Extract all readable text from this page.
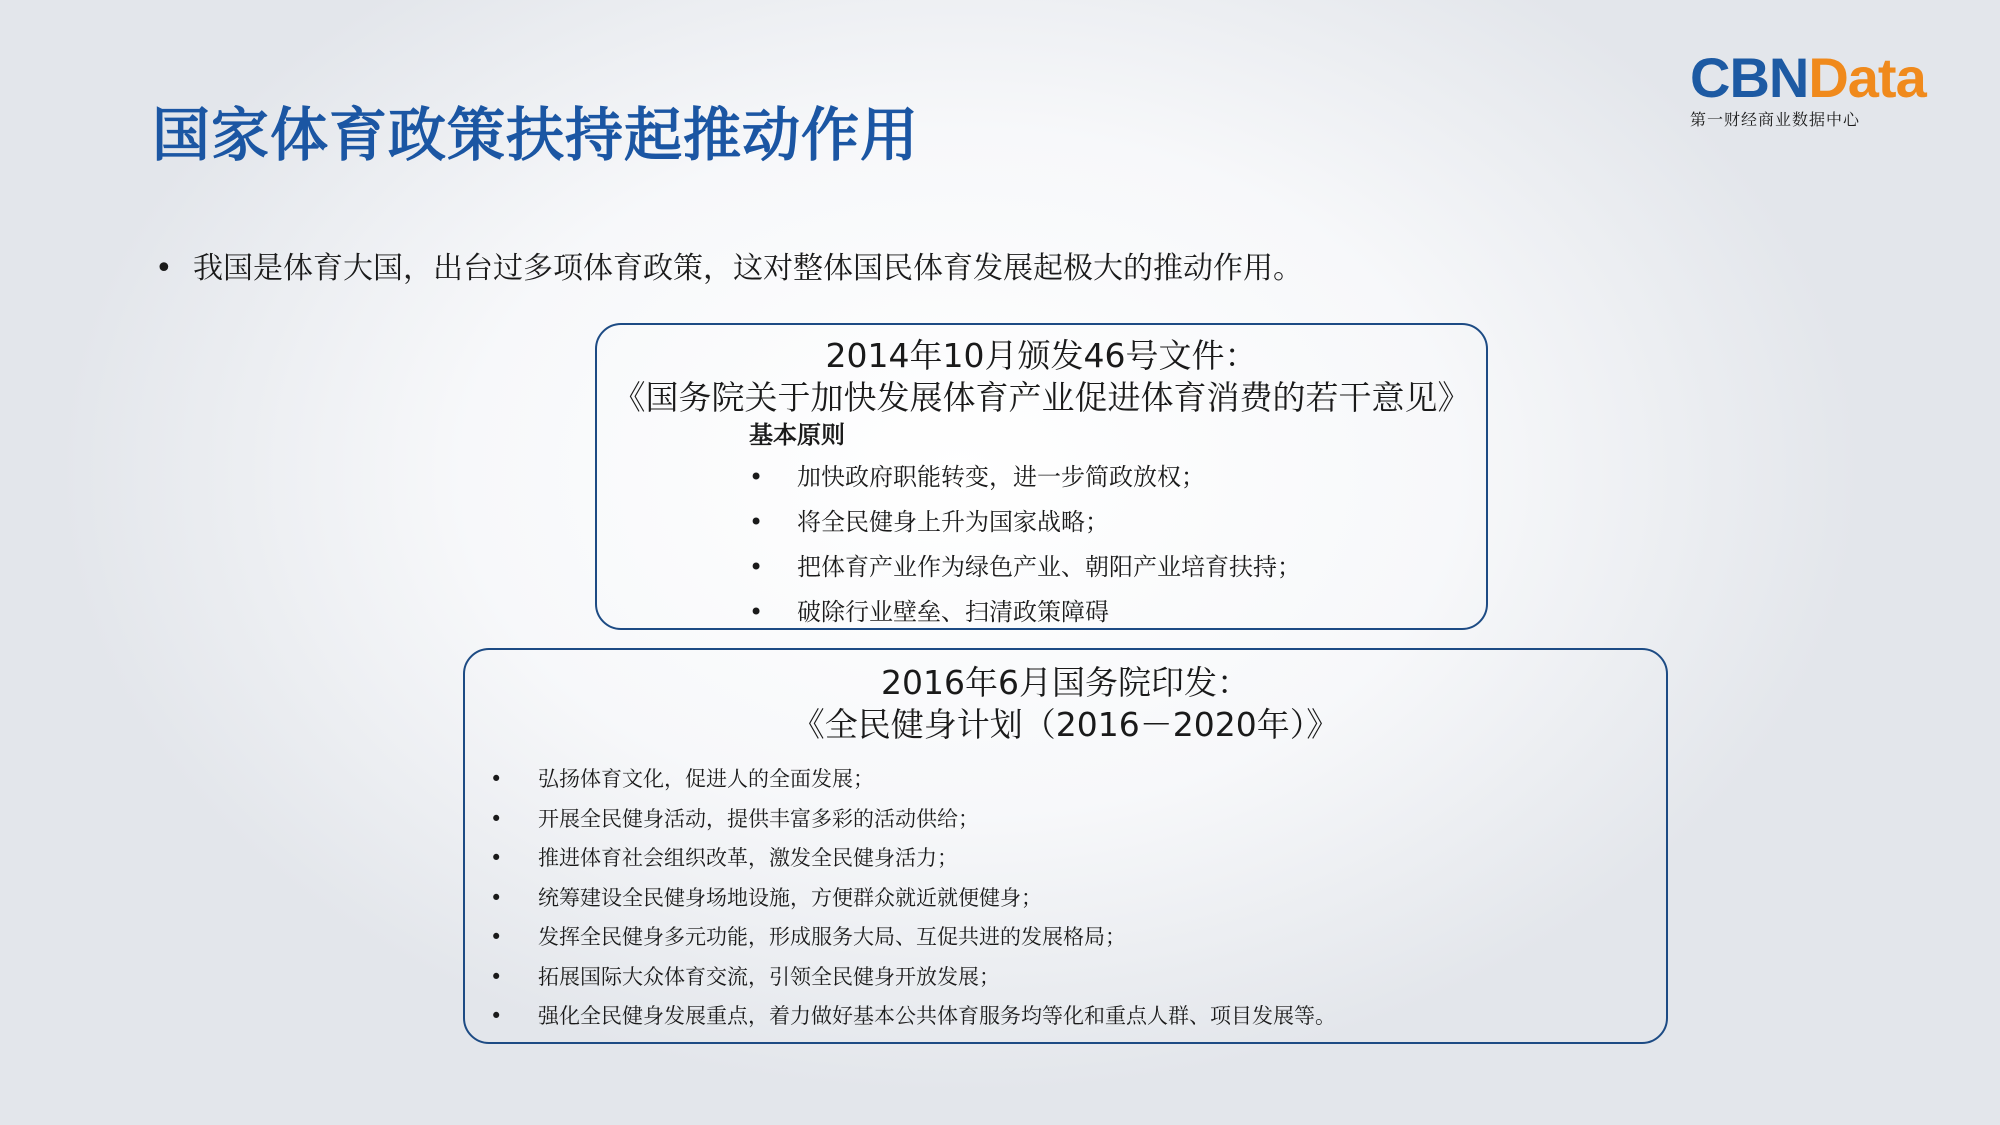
国家体育政策扶持起推动作用
CBNData
第一财经商业数据中心
• 我国是体育大国，出台过多项体育政策，这对整体国民体育发展起极大的推动作用。
2014年10月颁发46号文件：
《国务院关于加快发展体育产业促进体育消费的若干意见》
基本原则
• 加快政府职能转变，进一步简政放权；
• 将全民健身上升为国家战略；
• 把体育产业作为绿色产业、朝阳产业培育扶持；
• 破除行业壁垒、扫清政策障碍
2016年6月国务院印发：
《全民健身计划（2016－2020年）》
• 弘扬体育文化，促进人的全面发展；
• 开展全民健身活动，提供丰富多彩的活动供给；
• 推进体育社会组织改革，激发全民健身活力；
• 统筹建设全民健身场地设施，方便群众就近就便健身；
• 发挥全民健身多元功能，形成服务大局、互促共进的发展格局；
• 拓展国际大众体育交流，引领全民健身开放发展；
• 强化全民健身发展重点，着力做好基本公共体育服务均等化和重点人群、项目发展等。
